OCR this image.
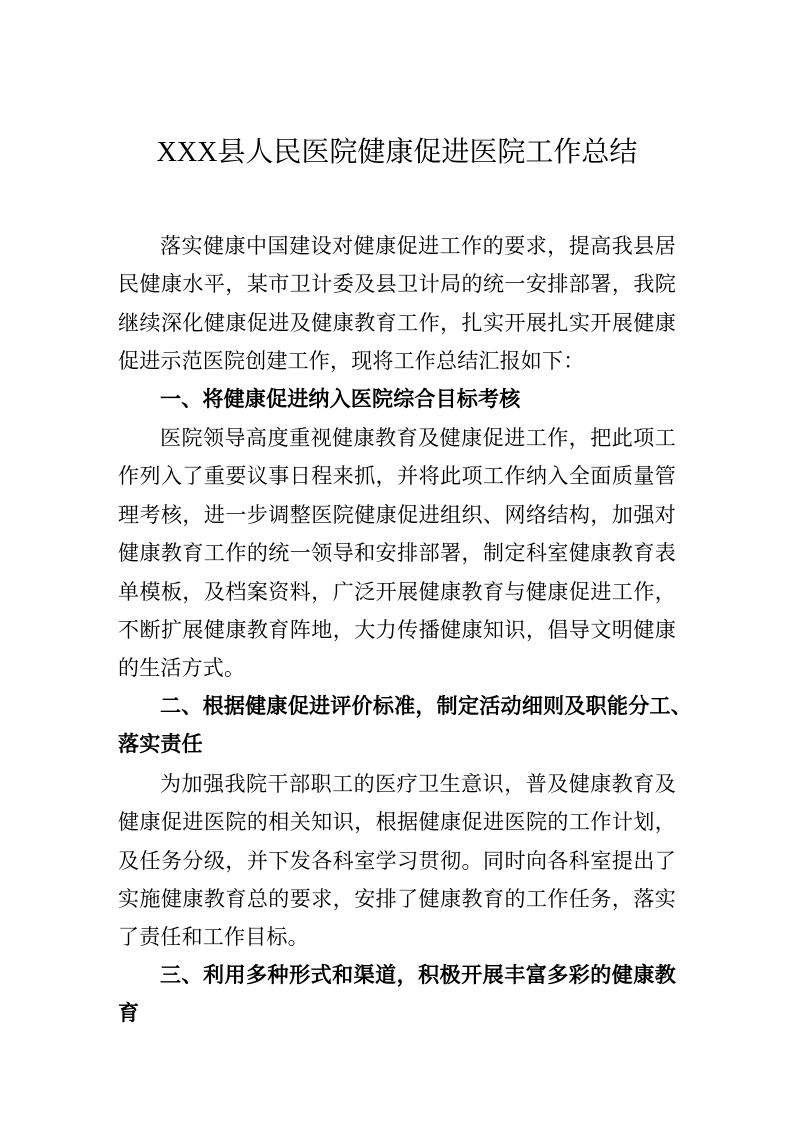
XXX县人民医院健康促进医院工作总结

落实健康中国建设对健康促进工作的要求，提高我县居民健康水平，某市卫计委及县卫计局的统一安排部署，我院继续深化健康促进及健康教育工作，扎实开展扎实开展健康促进示范医院创建工作，现将工作总结汇报如下：

一、将健康促进纳入医院综合目标考核

医院领导高度重视健康教育及健康促进工作，把此项工作列入了重要议事日程来抓，并将此项工作纳入全面质量管理考核，进一步调整医院健康促进组织、网络结构，加强对健康教育工作的统一领导和安排部署，制定科室健康教育表单模板，及档案资料，广泛开展健康教育与健康促进工作， 不断扩展健康教育阵地，大力传播健康知识，倡导文明健康的生活方式。

二、根据健康促进评价标准，制定活动细则及职能分工、落实责任

为加强我院干部职工的医疗卫生意识，普及健康教育及健康促进医院的相关知识，根据健康促进医院的工作计划， 及任务分级，并下发各科室学习贯彻。同时向各科室提出了实施健康教育总的要求，安排了健康教育的工作任务，落实了责任和工作目标。

三、利用多种形式和渠道，积极开展丰富多彩的健康教育
